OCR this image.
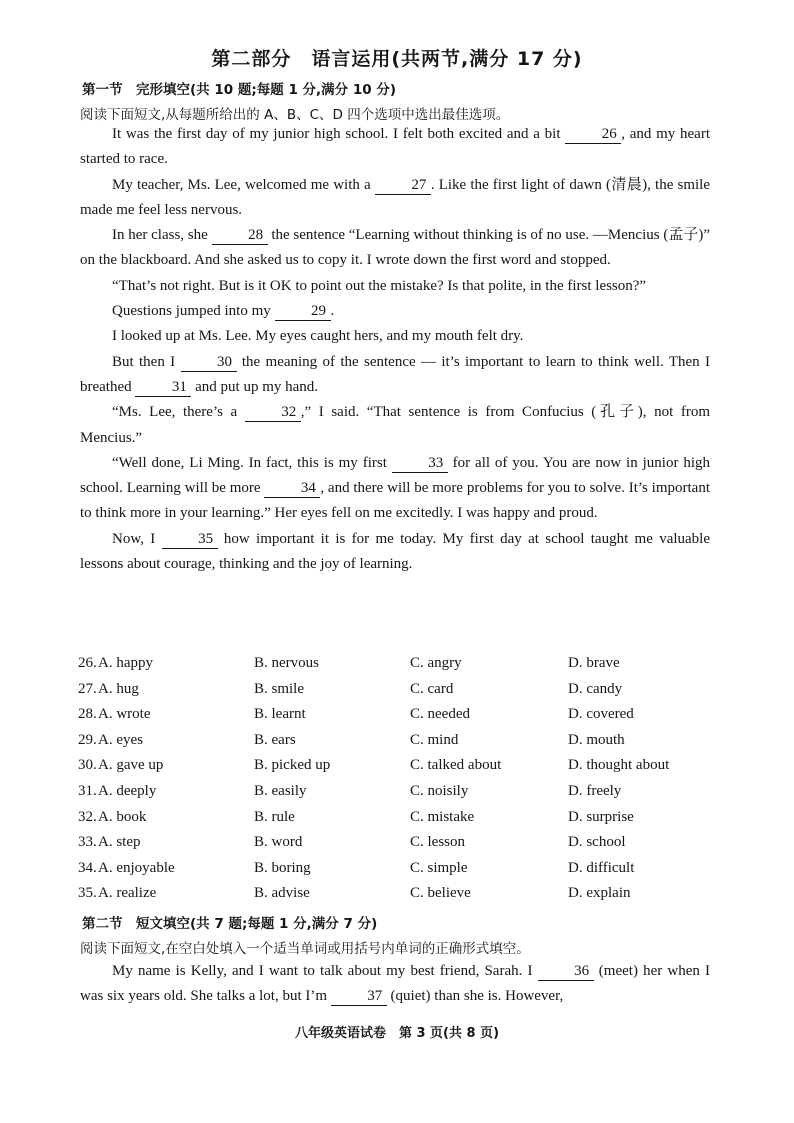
第二部分　语言运用(共两节,满分 17 分)
第一节　完形填空(共 10 题;每题 1 分,满分 10 分)
阅读下面短文,从每题所给出的 A、B、C、D 四个选项中选出最佳选项。

It was the first day of my junior high school. I felt both excited and a bit 26 , and my heart started to race.

My teacher, Ms. Lee, welcomed me with a 27 . Like the first light of dawn (清晨), the smile made me feel less nervous.

In her class, she 28 the sentence “Learning without thinking is of no use. —Mencius (孟子)” on the blackboard. And she asked us to copy it. I wrote down the first word and stopped.

“That’s not right. But is it OK to point out the mistake? Is that polite, in the first lesson?”

Questions jumped into my 29 .

I looked up at Ms. Lee. My eyes caught hers, and my mouth felt dry.

But then I 30 the meaning of the sentence — it’s important to learn to think well. Then I breathed 31 and put up my hand.

“Ms. Lee, there’s a 32 ,” I said. “That sentence is from Confucius (孔子), not from Mencius.”

“Well done, Li Ming. In fact, this is my first 33 for all of you. You are now in junior high school. Learning will be more 34 , and there will be more problems for you to solve. It’s important to think more in your learning.” Her eyes fell on me excitedly. I was happy and proud.

Now, I 35 how important it is for me today. My first day at school taught me valuable lessons about courage, thinking and the joy of learning.

26. A. happy	B. nervous	C. angry	D. brave
27. A. hug	B. smile	C. card	D. candy
28. A. wrote	B. learnt	C. needed	D. covered
29. A. eyes	B. ears	C. mind	D. mouth
30. A. gave up	B. picked up	C. talked about	D. thought about
31. A. deeply	B. easily	C. noisily	D. freely
32. A. book	B. rule	C. mistake	D. surprise
33. A. step	B. word	C. lesson	D. school
34. A. enjoyable	B. boring	C. simple	D. difficult
35. A. realize	B. advise	C. believe	D. explain
第二节　短文填空(共 7 题;每题 1 分,满分 7 分)
阅读下面短文,在空白处填入一个适当单词或用括号内单词的正确形式填空。

My name is Kelly, and I want to talk about my best friend, Sarah. I 36 (meet) her when I was six years old. She talks a lot, but I’m 37 (quiet) than she is. However,

八年级英语试卷　第 3 页(共 8 页)
